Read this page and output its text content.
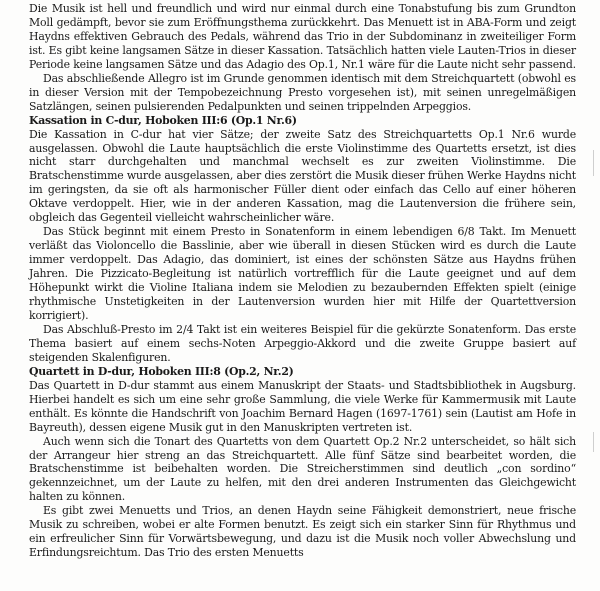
Die Musik ist hell und freundlich und wird nur einmal durch eine Tonabstufung bis zum Grundton Moll gedämpft, bevor sie zum Eröffnungsthema zurückkehrt. Das Menuett ist in ABA-Form und zeigt Haydns effektiven Gebrauch des Pedals, während das Trio in der Subdominanz in zweiteiliger Form ist. Es gibt keine langsamen Sätze in dieser Kassation. Tatsächlich hatten viele Lauten-Trios in dieser Periode keine langsamen Sätze und das Adagio des Op.1, Nr.1 wäre für die Laute nicht sehr passend.

Das abschließende Allegro ist im Grunde genommen identisch mit dem Streichquartett (obwohl es in dieser Version mit der Tempobezeichnung Presto vorgesehen ist), mit seinen unregelmäßigen Satzlängen, seinen pulsierenden Pedalpunkten und seinen trippelnden Arpeggios.

Kassation in C-dur, Hoboken III:6 (Op.1 Nr.6)

Die Kassation in C-dur hat vier Sätze; der zweite Satz des Streichquartetts Op.1 Nr.6 wurde ausgelassen. Obwohl die Laute hauptsächlich die erste Violinstimme des Quartetts ersetzt, ist dies nicht starr durchgehalten und manchmal wechselt es zur zweiten Violinstimme. Die Bratschenstimme wurde ausgelassen, aber dies zerstört die Musik dieser frühen Werke Haydns nicht im geringsten, da sie oft als harmonischer Füller dient oder einfach das Cello auf einer höheren Oktave verdoppelt. Hier, wie in der anderen Kassation, mag die Lautenversion die frühere sein, obgleich das Gegenteil vielleicht wahrscheinlicher wäre.

Das Stück beginnt mit einem Presto in Sonatenform in einem lebendigen 6/8 Takt. Im Menuett verläßt das Violoncello die Basslinie, aber wie überall in diesen Stücken wird es durch die Laute immer verdoppelt. Das Adagio, das dominiert, ist eines der schönsten Sätze aus Haydns frühen Jahren. Die Pizzicato-Begleitung ist natürlich vortrefflich für die Laute geeignet und auf dem Höhepunkt wirkt die Violine Italiana indem sie Melodien zu bezaubernden Effekten spielt (einige rhythmische Unstetigkeiten in der Lautenversion wurden hier mit Hilfe der Quartettversion korrigiert).

Das Abschluß-Presto im 2/4 Takt ist ein weiteres Beispiel für die gekürzte Sonatenform. Das erste Thema basiert auf einem sechs-Noten Arpeggio-Akkord und die zweite Gruppe basiert auf steigenden Skalenfiguren.

Quartett in D-dur, Hoboken III:8 (Op.2, Nr.2)

Das Quartett in D-dur stammt aus einem Manuskript der Staats- und Stadtsbibliothek in Augsburg. Hierbei handelt es sich um eine sehr große Sammlung, die viele Werke für Kammermusik mit Laute enthält. Es könnte die Handschrift von Joachim Bernard Hagen (1697-1761) sein (Lautist am Hofe in Bayreuth), dessen eigene Musik gut in den Manuskripten vertreten ist.

Auch wenn sich die Tonart des Quartetts von dem Quartett Op.2 Nr.2 unterscheidet, so hält sich der Arrangeur hier streng an das Streichquartett. Alle fünf Sätze sind bearbeitet worden, die Bratschenstimme ist beibehalten worden. Die Streicherstimmen sind deutlich „con sordino“ gekennzeichnet, um der Laute zu helfen, mit den drei anderen Instrumenten das Gleichgewicht halten zu können.

Es gibt zwei Menuetts und Trios, an denen Haydn seine Fähigkeit demonstriert, neue frische Musik zu schreiben, wobei er alte Formen benutzt. Es zeigt sich ein starker Sinn für Rhythmus und ein erfreulicher Sinn für Vorwärtsbewegung, und dazu ist die Musik noch voller Abwechslung und Erfindungsreichtum. Das Trio des ersten Menuetts
